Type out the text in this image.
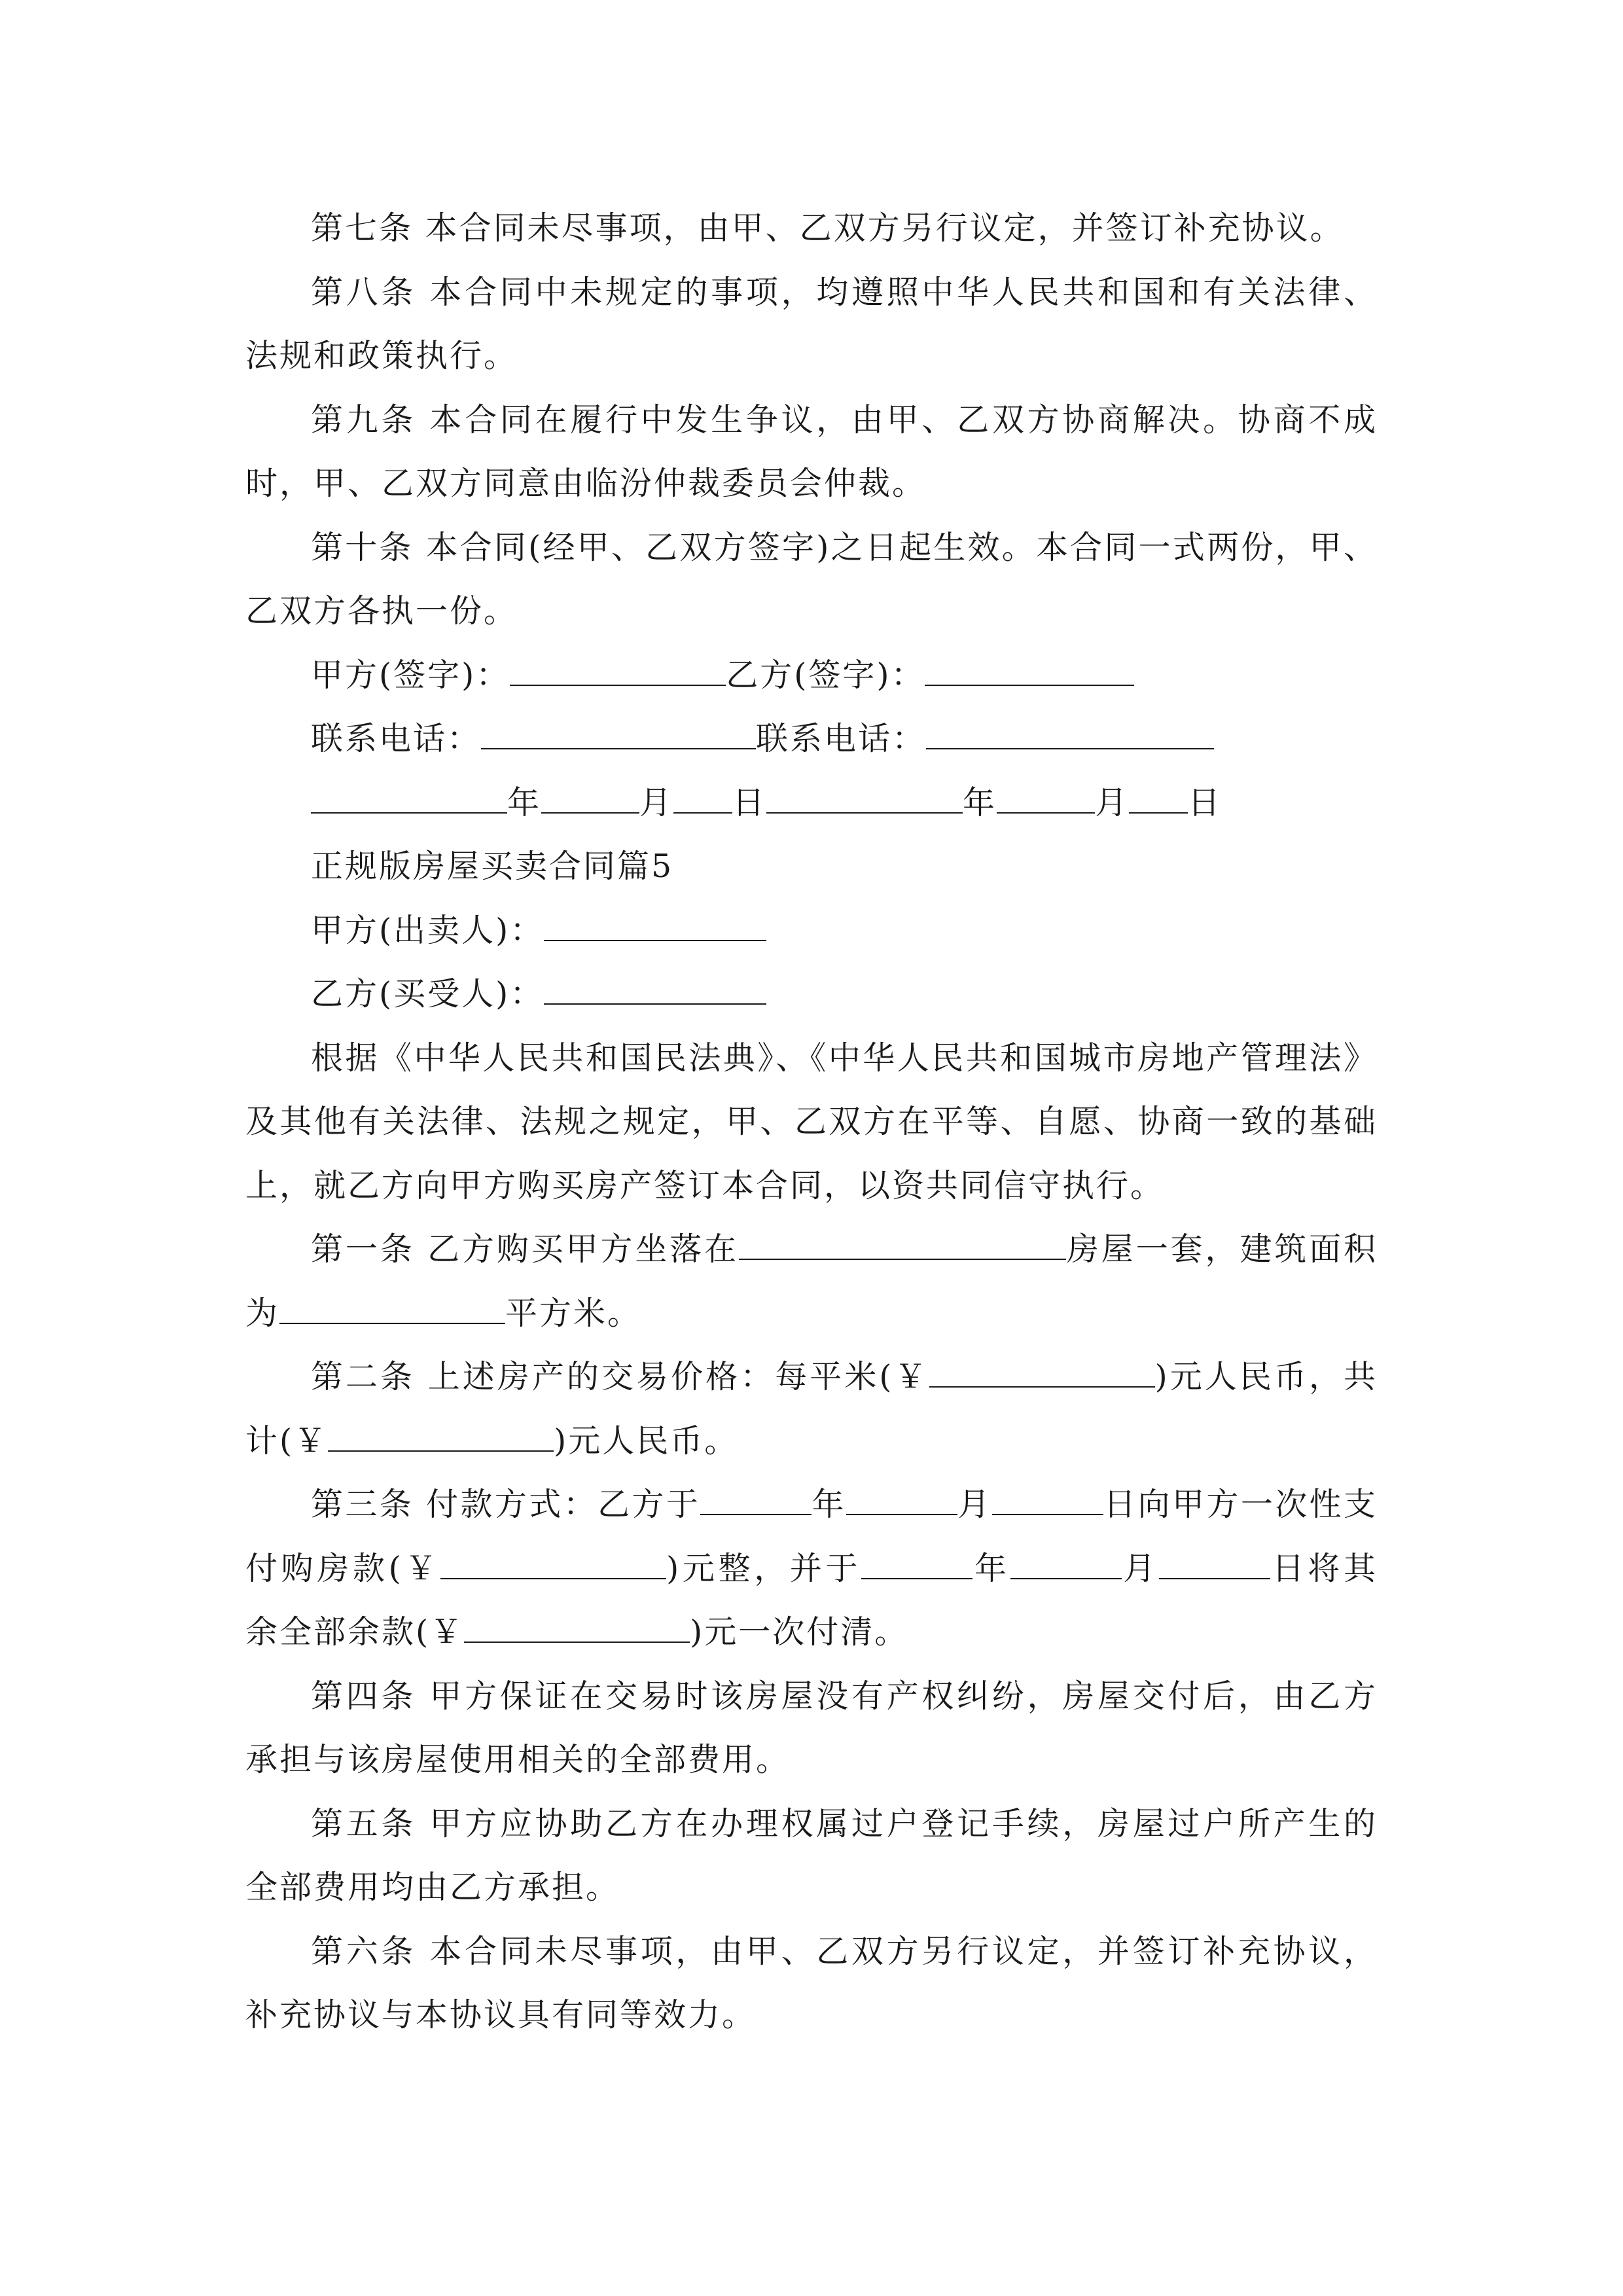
第七条 本合同未尽事项，由甲、乙双方另行议定，并签订补充协议。

第八条 本合同中未规定的事项，均遵照中华人民共和国和有关法律、法规和政策执行。

第九条 本合同在履行中发生争议，由甲、乙双方协商解决。协商不成时，甲、乙双方同意由临汾仲裁委员会仲裁。

第十条 本合同(经甲、乙双方签字)之日起生效。本合同一式两份，甲、乙双方各执一份。

甲方(签字)：	乙方(签字)：

联系电话：	联系电话：

年	月 日	年	月 日

正规版房屋买卖合同篇5

甲方(出卖人)：

乙方(买受人)：

根据《中华人民共和国民法典》、《中华人民共和国城市房地产管理法》及其他有关法律、法规之规定，甲、乙双方在平等、自愿、协商一致的基础上，就乙方向甲方购买房产签订本合同，以资共同信守执行。

第一条 乙方购买甲方坐落在	房屋一套，建筑面积为	平方米。

第二条 上述房产的交易价格：每平米(￥	)元人民币，共计(￥	)元人民币。

第三条 付款方式：乙方于	年	月	日向甲方一次性支付购房款(￥	)元整，并于	年	月	日将其余全部余款(￥	)元一次付清。

第四条 甲方保证在交易时该房屋没有产权纠纷，房屋交付后，由乙方承担与该房屋使用相关的全部费用。

第五条 甲方应协助乙方在办理权属过户登记手续，房屋过户所产生的全部费用均由乙方承担。

第六条 本合同未尽事项，由甲、乙双方另行议定，并签订补充协议，补充协议与本协议具有同等效力。
